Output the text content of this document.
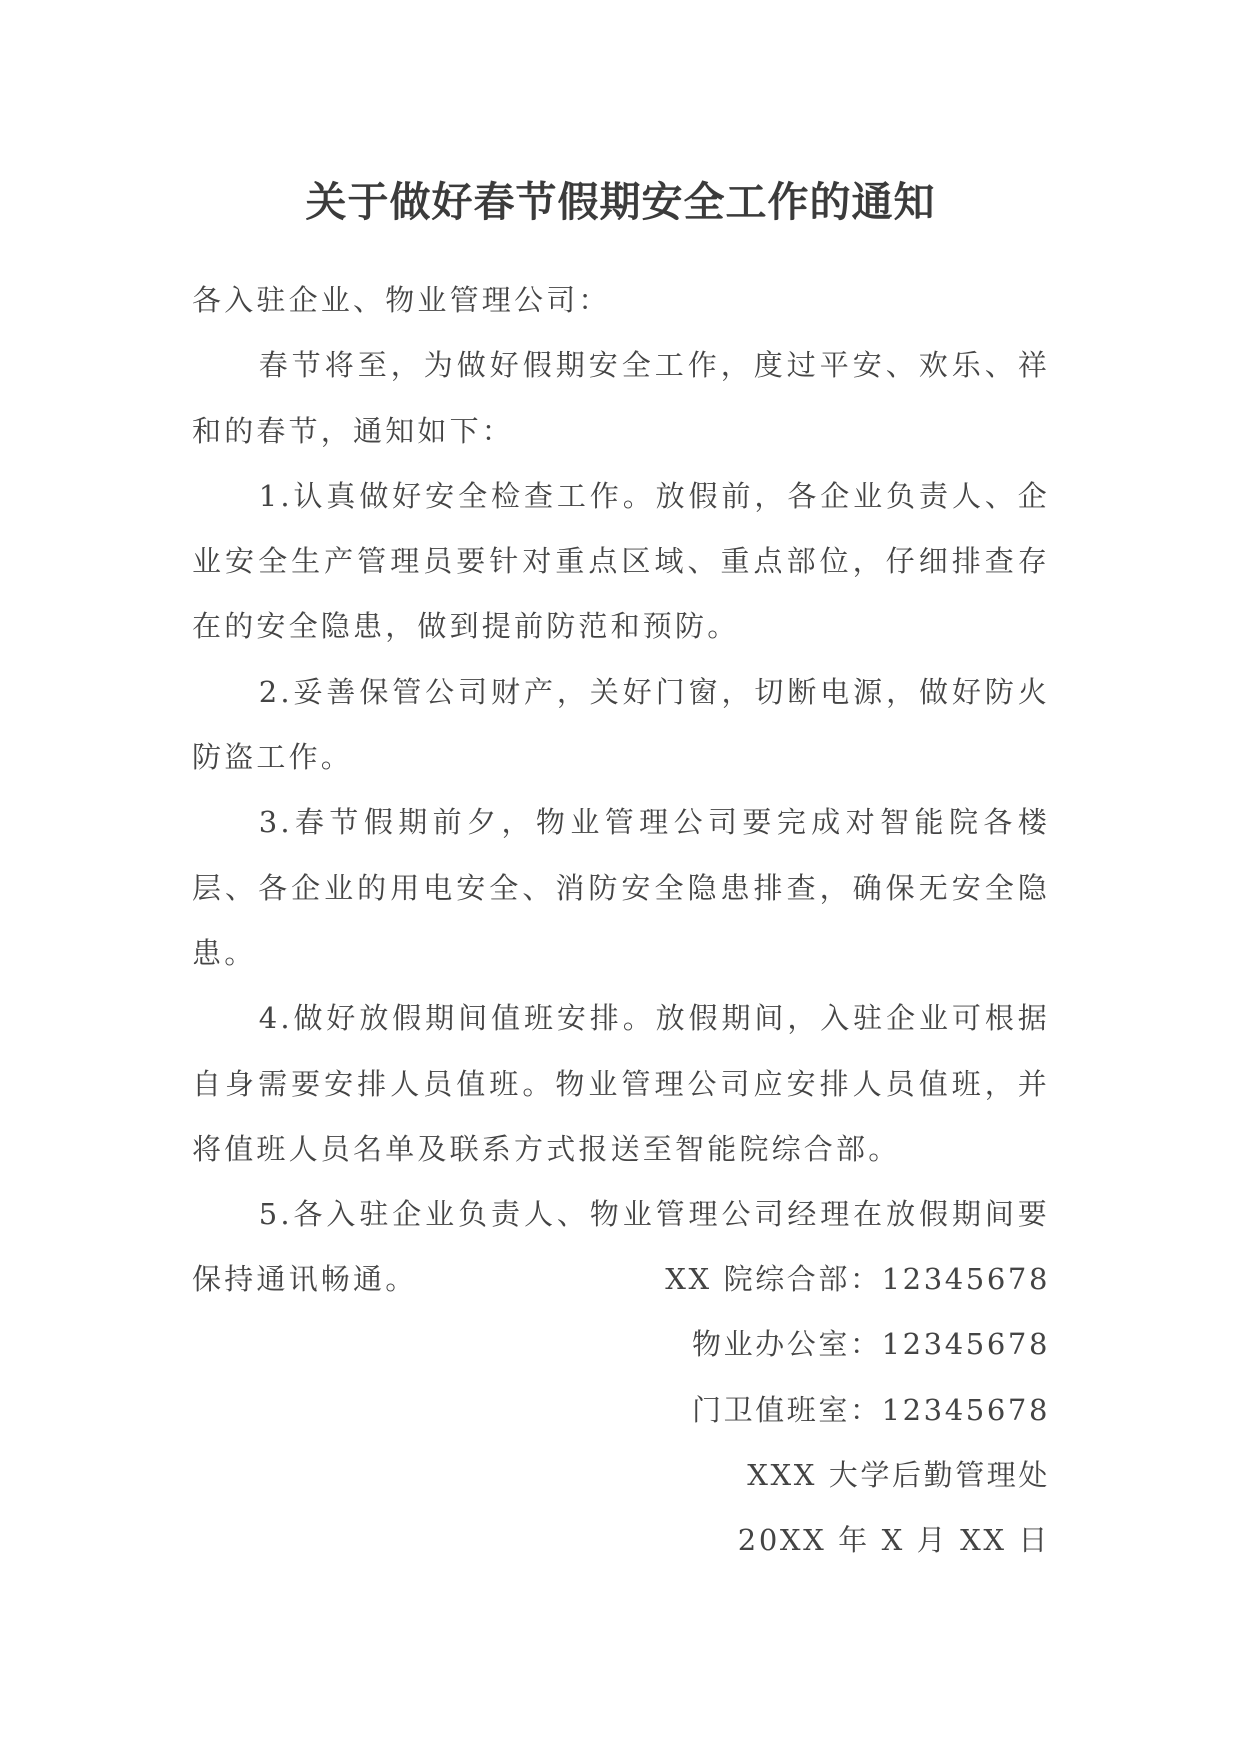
关于做好春节假期安全工作的通知

各入驻企业、物业管理公司：

春节将至，为做好假期安全工作，度过平安、欢乐、祥和的春节，通知如下：

1.认真做好安全检查工作。放假前，各企业负责人、企业安全生产管理员要针对重点区域、重点部位，仔细排查存在的安全隐患，做到提前防范和预防。

2.妥善保管公司财产，关好门窗，切断电源，做好防火防盗工作。

3.春节假期前夕，物业管理公司要完成对智能院各楼层、各企业的用电安全、消防安全隐患排查，确保无安全隐患。

4.做好放假期间值班安排。放假期间，入驻企业可根据自身需要安排人员值班。物业管理公司应安排人员值班，并将值班人员名单及联系方式报送至智能院综合部。

5.各入驻企业负责人、物业管理公司经理在放假期间要保持通讯畅通。	XX 院综合部：12345678

物业办公室：12345678

门卫值班室：12345678

XXX 大学后勤管理处

20XX 年 X 月 XX 日
